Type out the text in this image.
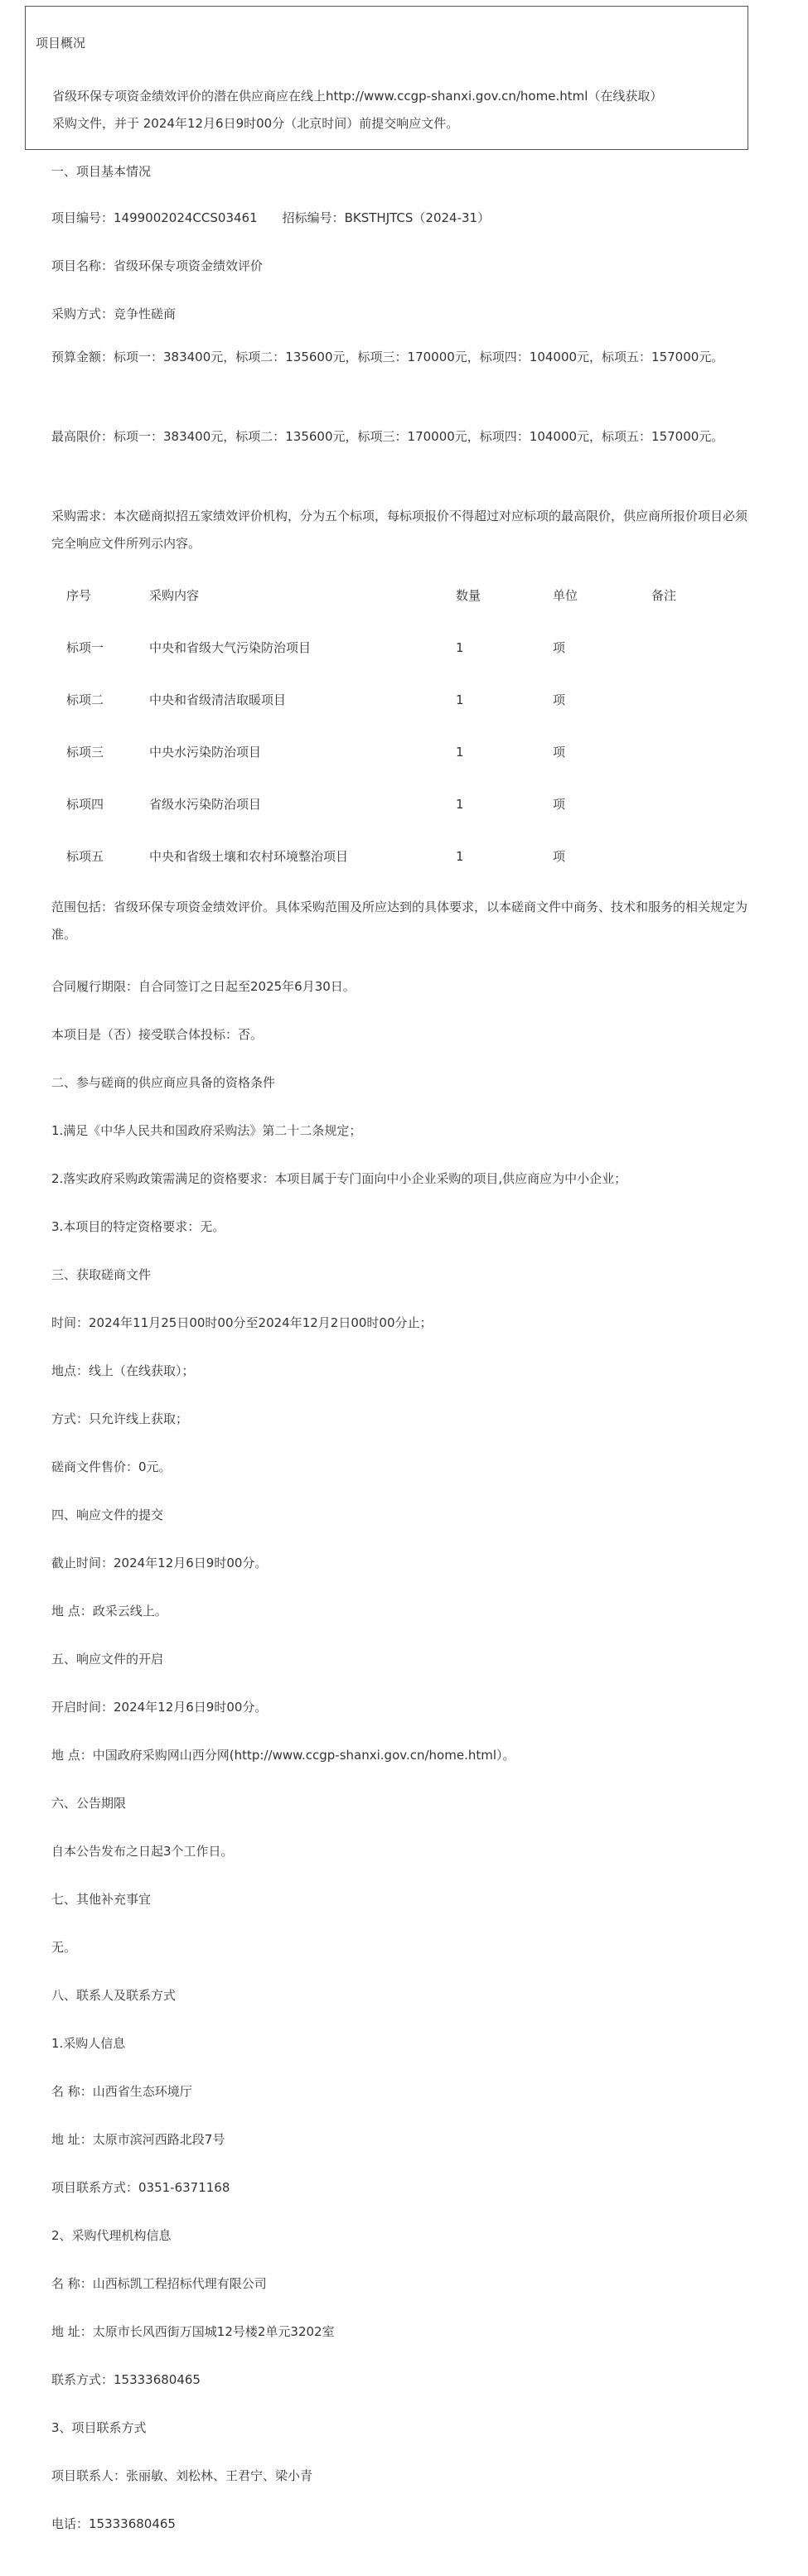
项目概况
省级环保专项资金绩效评价的潜在供应商应在线上http://www.ccgp-shanxi.gov.cn/home.html（在线获取）
采购文件，并于 2024年12月6日9时00分（北京时间）前提交响应文件。
一、项目基本情况
项目编号：1499002024CCS03461　　招标编号：BKSTHJTCS（2024-31）
项目名称：省级环保专项资金绩效评价
采购方式：竞争性磋商
预算金额：标项一：383400元，标项二：135600元，标项三：170000元，标项四：104000元，标项五：157000元。
最高限价：标项一：383400元，标项二：135600元，标项三：170000元，标项四：104000元，标项五：157000元。
采购需求：本次磋商拟招五家绩效评价机构，分为五个标项，每标项报价不得超过对应标项的最高限价，供应商所报价项目必须完全响应文件所列示内容。
序号	采购内容	数量	单位	备注
标项一	中央和省级大气污染防治项目	1	项
标项二	中央和省级清洁取暖项目	1	项
标项三	中央水污染防治项目	1	项
标项四	省级水污染防治项目	1	项
标项五	中央和省级土壤和农村环境整治项目	1	项
范围包括：省级环保专项资金绩效评价。具体采购范围及所应达到的具体要求，以本磋商文件中商务、技术和服务的相关规定为准。
合同履行期限：自合同签订之日起至2025年6月30日。
本项目是（否）接受联合体投标：否。
二、参与磋商的供应商应具备的资格条件
1.满足《中华人民共和国政府采购法》第二十二条规定；
2.落实政府采购政策需满足的资格要求：本项目属于专门面向中小企业采购的项目,供应商应为中小企业；
3.本项目的特定资格要求：无。
三、获取磋商文件
时间：2024年11月25日00时00分至2024年12月2日00时00分止；
地点：线上（在线获取）；
方式：只允许线上获取；
磋商文件售价：0元。
四、响应文件的提交
截止时间：2024年12月6日9时00分。
地 点：政采云线上。
五、响应文件的开启
开启时间：2024年12月6日9时00分。
地 点：中国政府采购网山西分网(http://www.ccgp-shanxi.gov.cn/home.html）。
六、公告期限
自本公告发布之日起3个工作日。
七、其他补充事宜
无。
八、联系人及联系方式
1.采购人信息
名 称：山西省生态环境厅
地 址：太原市滨河西路北段7号
项目联系方式：0351-6371168
2、采购代理机构信息
名 称：山西标凯工程招标代理有限公司
地 址：太原市长风西街万国城12号楼2单元3202室
联系方式：15333680465
3、项目联系方式
项目联系人：张丽敏、刘松林、王君宁、梁小青
电话：15333680465
